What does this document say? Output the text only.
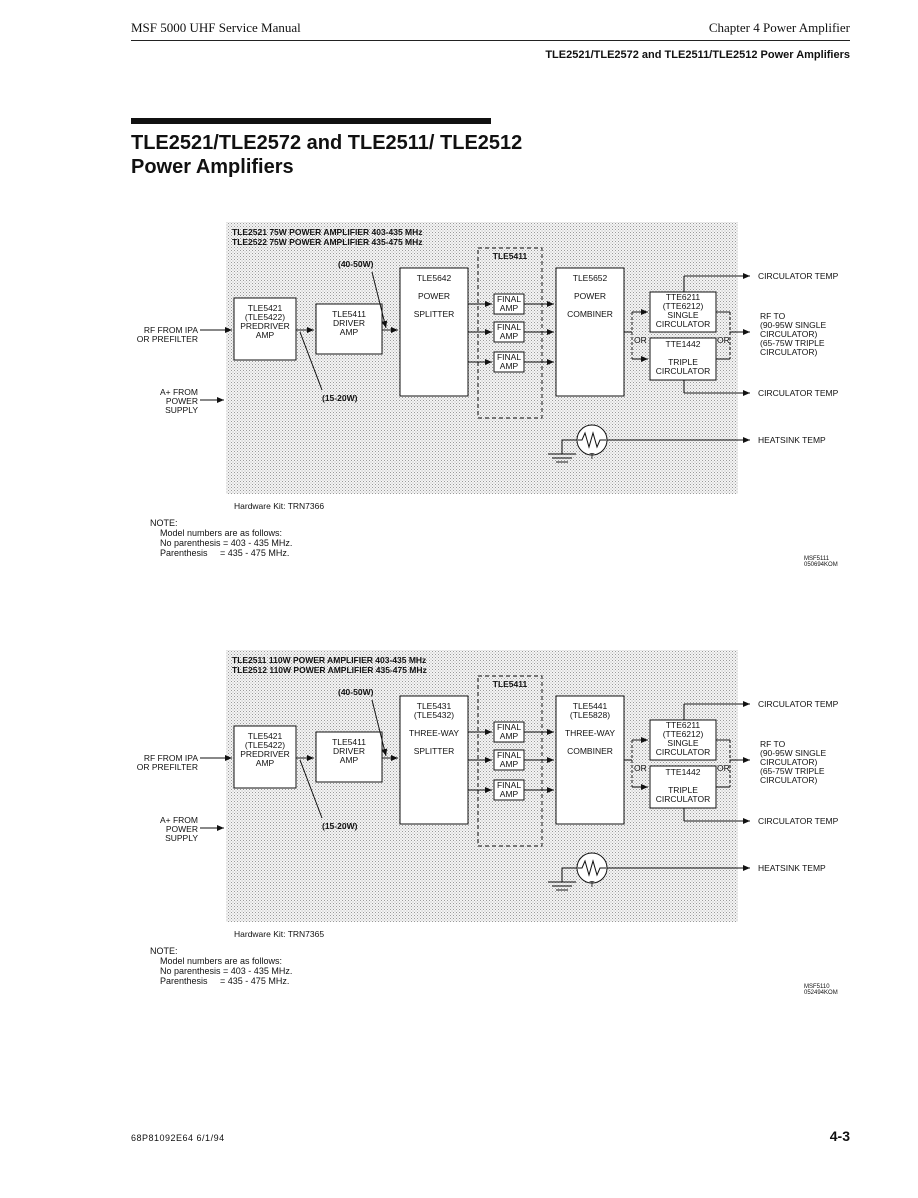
MSF 5000 UHF Service Manual	Chapter 4 Power Amplifier
TLE2521/TLE2572 and TLE2511/TLE2512 Power Amplifiers
TLE2521/TLE2572 and TLE2511/ TLE2512 Power Amplifiers
TLE2521 75W POWER AMPLIFIER 403-435 MHz
TLE2522 75W POWER AMPLIFIER 435-475 MHz
RF FROM IPA
OR PREFILTER
A+ FROM
POWER
SUPPLY
TLE5421
(TLE5422)
PREDRIVER
AMP
TLE5411
DRIVER
AMP
(40-50W)
(15-20W)
TLE5642

POWER

SPLITTER
TLE5411
FINAL
AMP
FINAL
AMP
FINAL
AMP
TLE5652

POWER

COMBINER
TTE6211
(TTE6212)
SINGLE
CIRCULATOR
TTE1442

TRIPLE
CIRCULATOR
OR	OR
CIRCULATOR TEMP
RF TO
(90-95W SINGLE
CIRCULATOR)
(65-75W TRIPLE
CIRCULATOR)
CIRCULATOR TEMP
HEATSINK TEMP
T
Hardware Kit: TRN7366
NOTE:
Model numbers are as follows:
No parenthesis = 403 - 435 MHz.
Parenthesis     = 435 - 475 MHz.
MSF5111
050694KOM
TLE2511 110W POWER AMPLIFIER 403-435 MHz
TLE2512 110W POWER AMPLIFIER 435-475 MHz
RF FROM IPA
OR PREFILTER
A+ FROM
POWER
SUPPLY
TLE5421
(TLE5422)
PREDRIVER
AMP
TLE5411
DRIVER
AMP
(40-50W)
(15-20W)
TLE5431
(TLE5432)

THREE-WAY

SPLITTER
TLE5411
FINAL
AMP
FINAL
AMP
FINAL
AMP
TLE5441
(TLE5828)

THREE-WAY

COMBINER
TTE6211
(TTE6212)
SINGLE
CIRCULATOR
TTE1442

TRIPLE
CIRCULATOR
OR	OR
CIRCULATOR TEMP
RF TO
(90-95W SINGLE
CIRCULATOR)
(65-75W TRIPLE
CIRCULATOR)
CIRCULATOR TEMP
HEATSINK TEMP
T
Hardware Kit: TRN7365
NOTE:
Model numbers are as follows:
No parenthesis = 403 - 435 MHz.
Parenthesis     = 435 - 475 MHz.
MSF5110
052494KOM
68P81092E64 6/1/94	4-3
